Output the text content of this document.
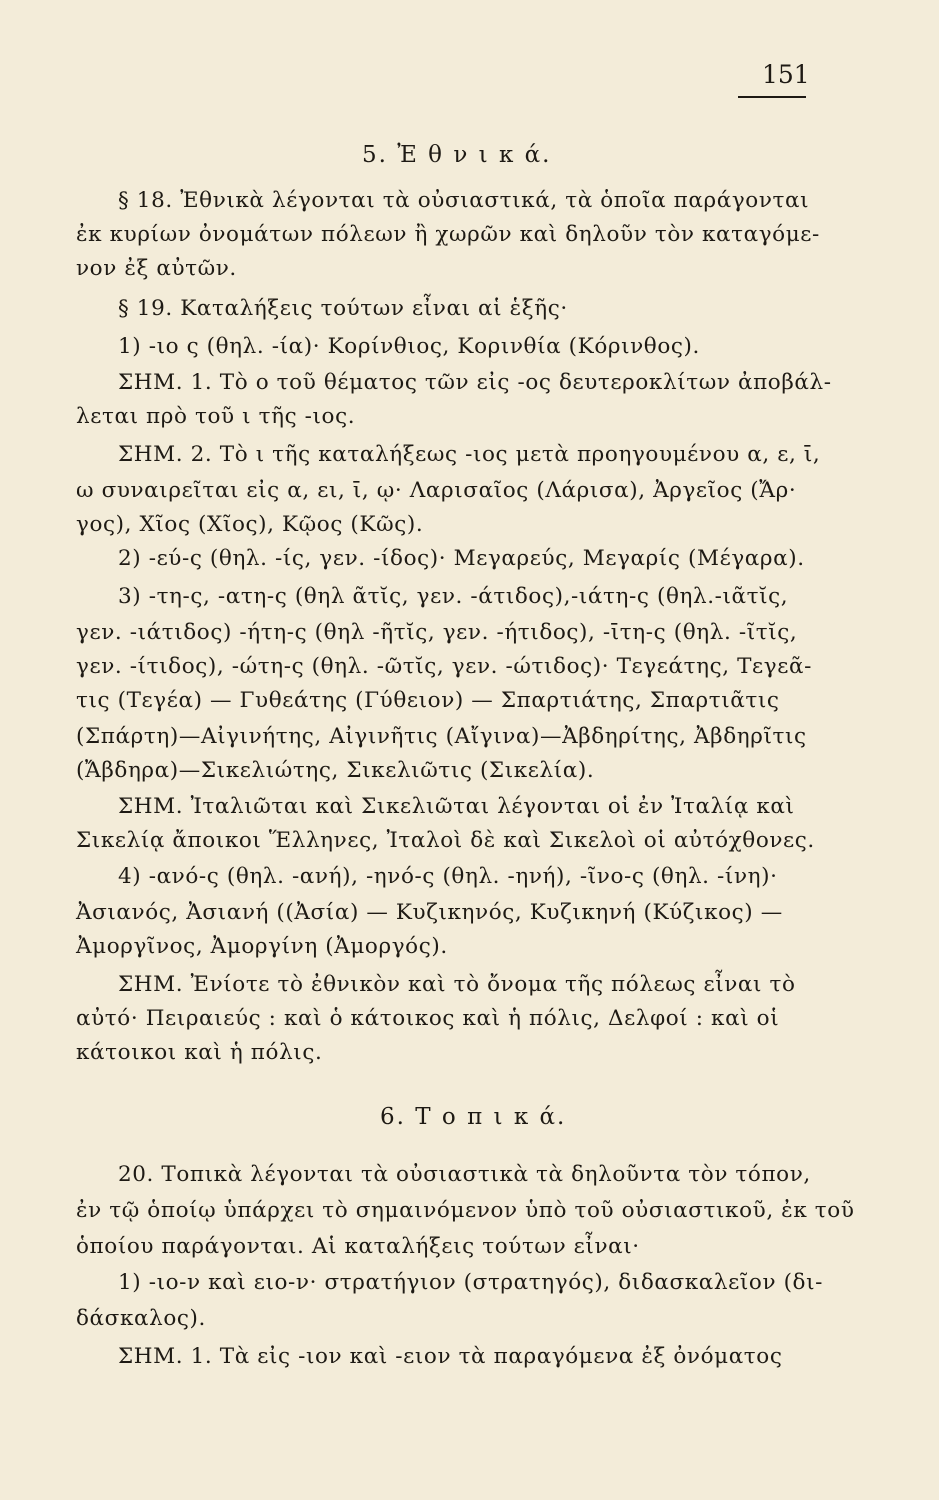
151
5. Ἐ θ ν ι κ ά.
§ 18. Ἐθνικὰ λέγονται τὰ οὐσιαστικά, τὰ ὁποῖα παράγονται
ἐκ κυρίων ὀνομάτων πόλεων ἢ χωρῶν καὶ δηλοῦν τὸν καταγόμε-
νον ἐξ αὐτῶν.
§ 19. Καταλήξεις τούτων εἶναι αἱ ἑξῆς·
1) -ιο ς (θηλ. -ία)· Κορίνθιος, Κορινθία (Κόρινθος).
ΣΗΜ. 1. Τὸ ο τοῦ θέματος τῶν εἰς -ος δευτεροκλίτων ἀποβάλ-
λεται πρὸ τοῦ ι τῆς -ιος.
ΣΗΜ. 2. Τὸ ι τῆς καταλήξεως -ιος μετὰ προηγουμένου α, ε, ῑ,
ω συναιρεῖται εἰς α, ει, ῑ, ῳ· Λαρισαῖος (Λάρισα), Ἀργεῖος (Ἄρ·
γος), Χῖος (Χῖος), Κῷος (Κῶς).
2) -εύ-ς (θηλ. -ίς, γεν. -ίδος)· Μεγαρεύς, Μεγαρίς (Μέγαρα).
3) -τη-ς, -ατη-ς (θηλ ᾶτῐς, γεν. -άτιδος),-ιάτη-ς (θηλ.-ιᾶτῐς,
γεν. -ιάτιδος) -ήτη-ς (θηλ -ῆτῐς, γεν. -ήτιδος), -ῑτη-ς (θηλ. -ῖτῐς,
γεν. -ίτιδος), -ώτη-ς (θηλ. -ῶτῐς, γεν. -ώτιδος)· Τεγεάτης, Τεγεᾶ-
τις (Τεγέα) — Γυθεάτης (Γύθειον) — Σπαρτιάτης, Σπαρτιᾶτις
(Σπάρτη)—Αἰγινήτης, Αἰγινῆτις (Αἴγινα)—Ἀβδηρίτης, Ἀβδηρῖτις
(Ἄβδηρα)—Σικελιώτης, Σικελιῶτις (Σικελία).
ΣΗΜ. Ἰταλιῶται καὶ Σικελιῶται λέγονται οἱ ἐν Ἰταλίᾳ καὶ
Σικελίᾳ ἄποικοι Ἕλληνες, Ἰταλοὶ δὲ καὶ Σικελοὶ οἱ αὐτόχθονες.
4) -ανό-ς (θηλ. -ανή), -ηνό-ς (θηλ. -ηνή), -ῖνο-ς (θηλ. -ίνη)·
Ἀσιανός, Ἀσιανή ((Ἀσία) — Κυζικηνός, Κυζικηνή (Κύζικος) —
Ἀμοργῖνος, Ἀμοργίνη (Ἀμοργός).
ΣΗΜ. Ἐνίοτε τὸ ἐθνικὸν καὶ τὸ ὄνομα τῆς πόλεως εἶναι τὸ
αὐτό· Πειραιεύς : καὶ ὁ κάτοικος καὶ ἡ πόλις, Δελφοί : καὶ οἱ
κάτοικοι καὶ ἡ πόλις.
6. Τ ο π ι κ ά.
20. Τοπικὰ λέγονται τὰ οὐσιαστικὰ τὰ δηλοῦντα τὸν τόπον,
ἐν τῷ ὁποίῳ ὑπάρχει τὸ σημαινόμενον ὑπὸ τοῦ οὐσιαστικοῦ, ἐκ τοῦ
ὁποίου παράγονται. Αἱ καταλήξεις τούτων εἶναι·
1) -ιο-ν καὶ ειο-ν· στρατήγιον (στρατηγός), διδασκαλεῖον (δι-
δάσκαλος).
ΣΗΜ. 1. Τὰ εἰς -ιον καὶ -ειον τὰ παραγόμενα ἐξ ὀνόματος
